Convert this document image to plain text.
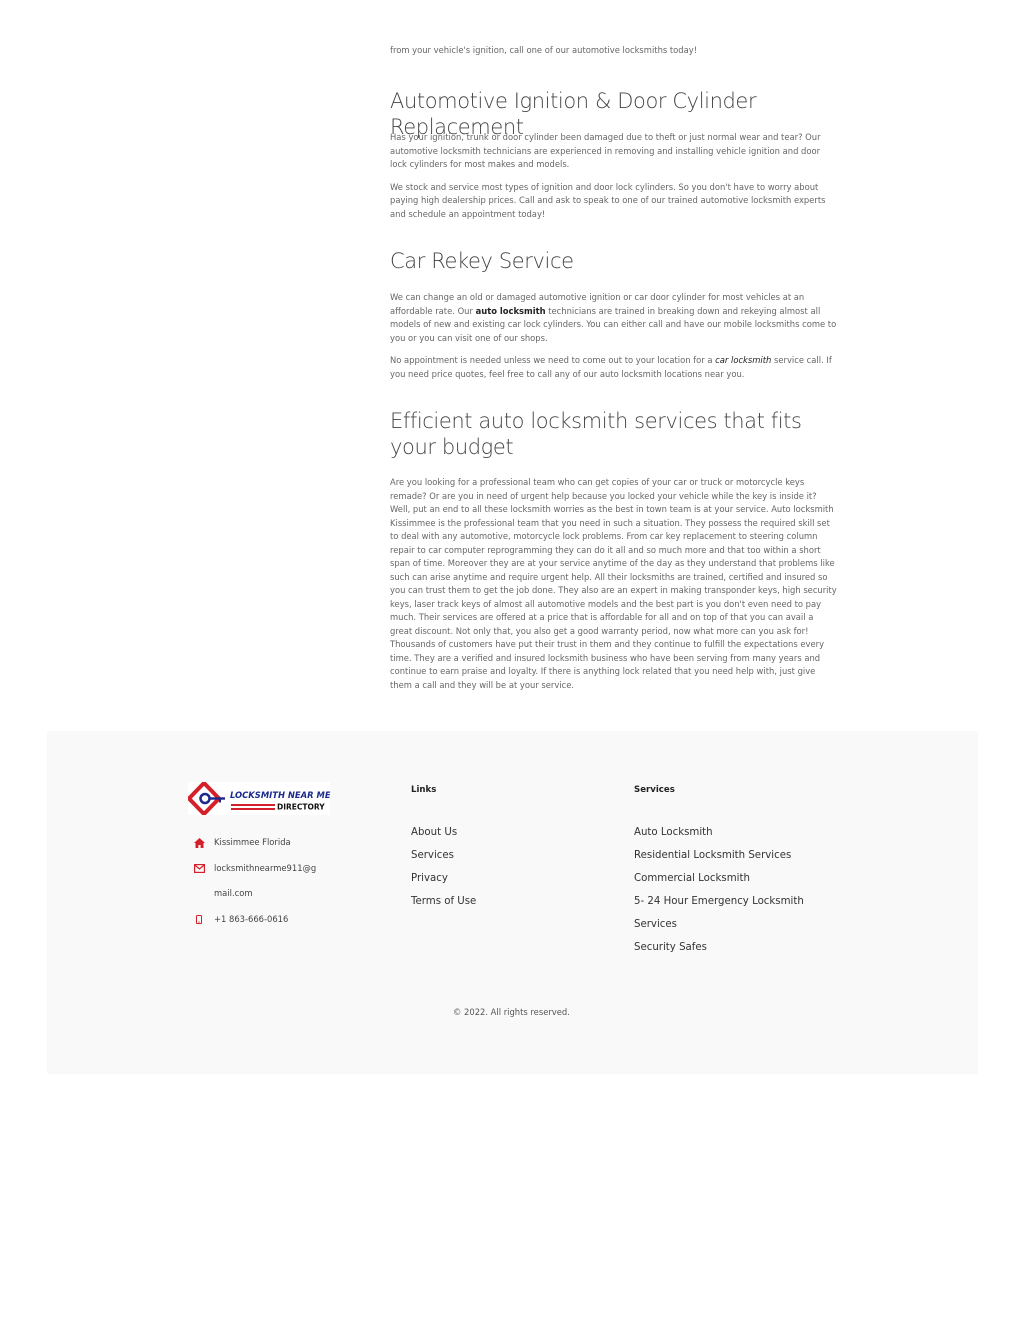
from your vehicle's ignition, call one of our automotive locksmiths today!
Automotive Ignition & Door Cylinder Replacement

Has your ignition, trunk or door cylinder been damaged due to theft or just normal wear and tear? Our automotive locksmith technicians are experienced in removing and installing vehicle ignition and door lock cylinders for most makes and models.

We stock and service most types of ignition and door lock cylinders. So you don't have to worry about paying high dealership prices. Call and ask to speak to one of our trained automotive locksmith experts and schedule an appointment today!

Car Rekey Service

We can change an old or damaged automotive ignition or car door cylinder for most vehicles at an affordable rate. Our auto locksmith technicians are trained in breaking down and rekeying almost all models of new and existing car lock cylinders. You can either call and have our mobile locksmiths come to you or you can visit one of our shops.

No appointment is needed unless we need to come out to your location for a car locksmith service call. If you need price quotes, feel free to call any of our auto locksmith locations near you.

Efficient auto locksmith services that fits your budget

Are you looking for a professional team who can get copies of your car or truck or motorcycle keys remade? Or are you in need of urgent help because you locked your vehicle while the key is inside it? Well, put an end to all these locksmith worries as the best in town team is at your service. Auto locksmith Kissimmee is the professional team that you need in such a situation. They possess the required skill set to deal with any automotive, motorcycle lock problems. From car key replacement to steering column repair to car computer reprogramming they can do it all and so much more and that too within a short span of time. Moreover they are at your service anytime of the day as they understand that problems like such can arise anytime and require urgent help. All their locksmiths are trained, certified and insured so you can trust them to get the job done. They also are an expert in making transponder keys, high security keys, laser track keys of almost all automotive models and the best part is you don't even need to pay much. Their services are offered at a price that is affordable for all and on top of that you can avail a great discount. Not only that, you also get a good warranty period, now what more can you ask for! Thousands of customers have put their trust in them and they continue to fulfill the expectations every time. They are a verified and insured locksmith business who have been serving from many years and continue to earn praise and loyalty. If there is anything lock related that you need help with, just give them a call and they will be at your service.

LOCKSMITH NEAR ME
DIRECTORY
Kissimmee Florida
locksmithnearme911@g
mail.com
+1 863-666-0616
Links
About Us
Services
Privacy
Terms of Use
Services
Auto Locksmith
Residential Locksmith Services
Commercial Locksmith
5- 24 Hour Emergency Locksmith
Services
Security Safes
© 2022. All rights reserved.
